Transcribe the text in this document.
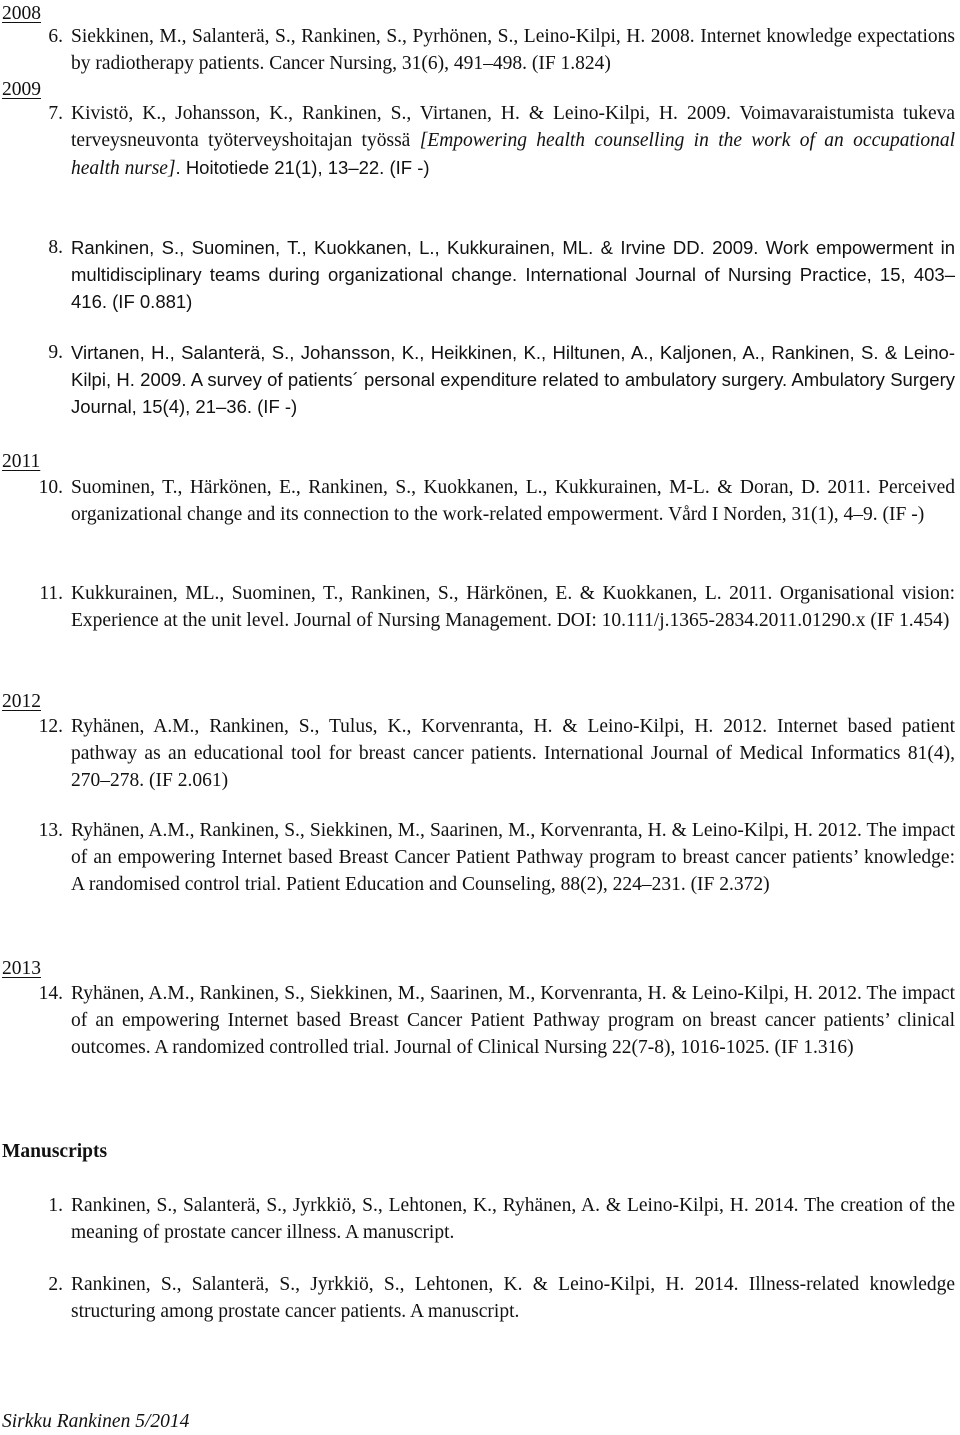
2008
6. Siekkinen, M., Salanterä, S., Rankinen, S., Pyrhönen, S., Leino-Kilpi, H. 2008. Internet knowledge expectations by radiotherapy patients. Cancer Nursing, 31(6), 491‒498. (IF 1.824)
2009
7. Kivistö, K., Johansson, K., Rankinen, S., Virtanen, H. & Leino-Kilpi, H. 2009. Voimavaraistumista tukeva terveysneuvonta työterveyshoitajan työssä [Empowering health counselling in the work of an occupational health nurse]. Hoitotiede 21(1), 13‒22. (IF -)
8. Rankinen, S., Suominen, T., Kuokkanen, L., Kukkurainen, ML. & Irvine DD. 2009. Work empowerment in multidisciplinary teams during organizational change. International Journal of Nursing Practice, 15, 403‒416. (IF 0.881)
9. Virtanen, H., Salanterä, S., Johansson, K., Heikkinen, K., Hiltunen, A., Kaljonen, A., Rankinen, S. & Leino-Kilpi, H. 2009. A survey of patients´ personal expenditure related to ambulatory surgery. Ambulatory Surgery Journal, 15(4), 21‒36. (IF -)
2011
10. Suominen, T., Härkönen, E., Rankinen, S., Kuokkanen, L., Kukkurainen, M-L. & Doran, D. 2011. Perceived organizational change and its connection to the work-related empowerment. Vård I Norden, 31(1), 4‒9. (IF -)
11. Kukkurainen, ML., Suominen, T., Rankinen, S., Härkönen, E. & Kuokkanen, L. 2011. Organisational vision: Experience at the unit level. Journal of Nursing Management. DOI: 10.111/j.1365-2834.2011.01290.x (IF 1.454)
2012
12. Ryhänen, A.M., Rankinen, S., Tulus, K., Korvenranta, H. & Leino-Kilpi, H. 2012. Internet based patient pathway as an educational tool for breast cancer patients. International Journal of Medical Informatics 81(4), 270‒278. (IF 2.061)
13. Ryhänen, A.M., Rankinen, S., Siekkinen, M., Saarinen, M., Korvenranta, H. & Leino-Kilpi, H. 2012. The impact of an empowering Internet based Breast Cancer Patient Pathway program to breast cancer patients’ knowledge: A randomised control trial. Patient Education and Counseling, 88(2), 224‒231. (IF 2.372)
2013
14. Ryhänen, A.M., Rankinen, S., Siekkinen, M., Saarinen, M., Korvenranta, H. & Leino-Kilpi, H. 2012. The impact of an empowering Internet based Breast Cancer Patient Pathway program on breast cancer patients’ clinical outcomes. A randomized controlled trial. Journal of Clinical Nursing 22(7-8), 1016-1025. (IF 1.316)
Manuscripts
1. Rankinen, S., Salanterä, S., Jyrkkiö, S., Lehtonen, K., Ryhänen, A. & Leino-Kilpi, H. 2014. The creation of the meaning of prostate cancer illness. A manuscript.
2. Rankinen, S., Salanterä, S., Jyrkkiö, S., Lehtonen, K. & Leino-Kilpi, H. 2014. Illness-related knowledge structuring among prostate cancer patients. A manuscript.
Sirkku Rankinen 5/2014
